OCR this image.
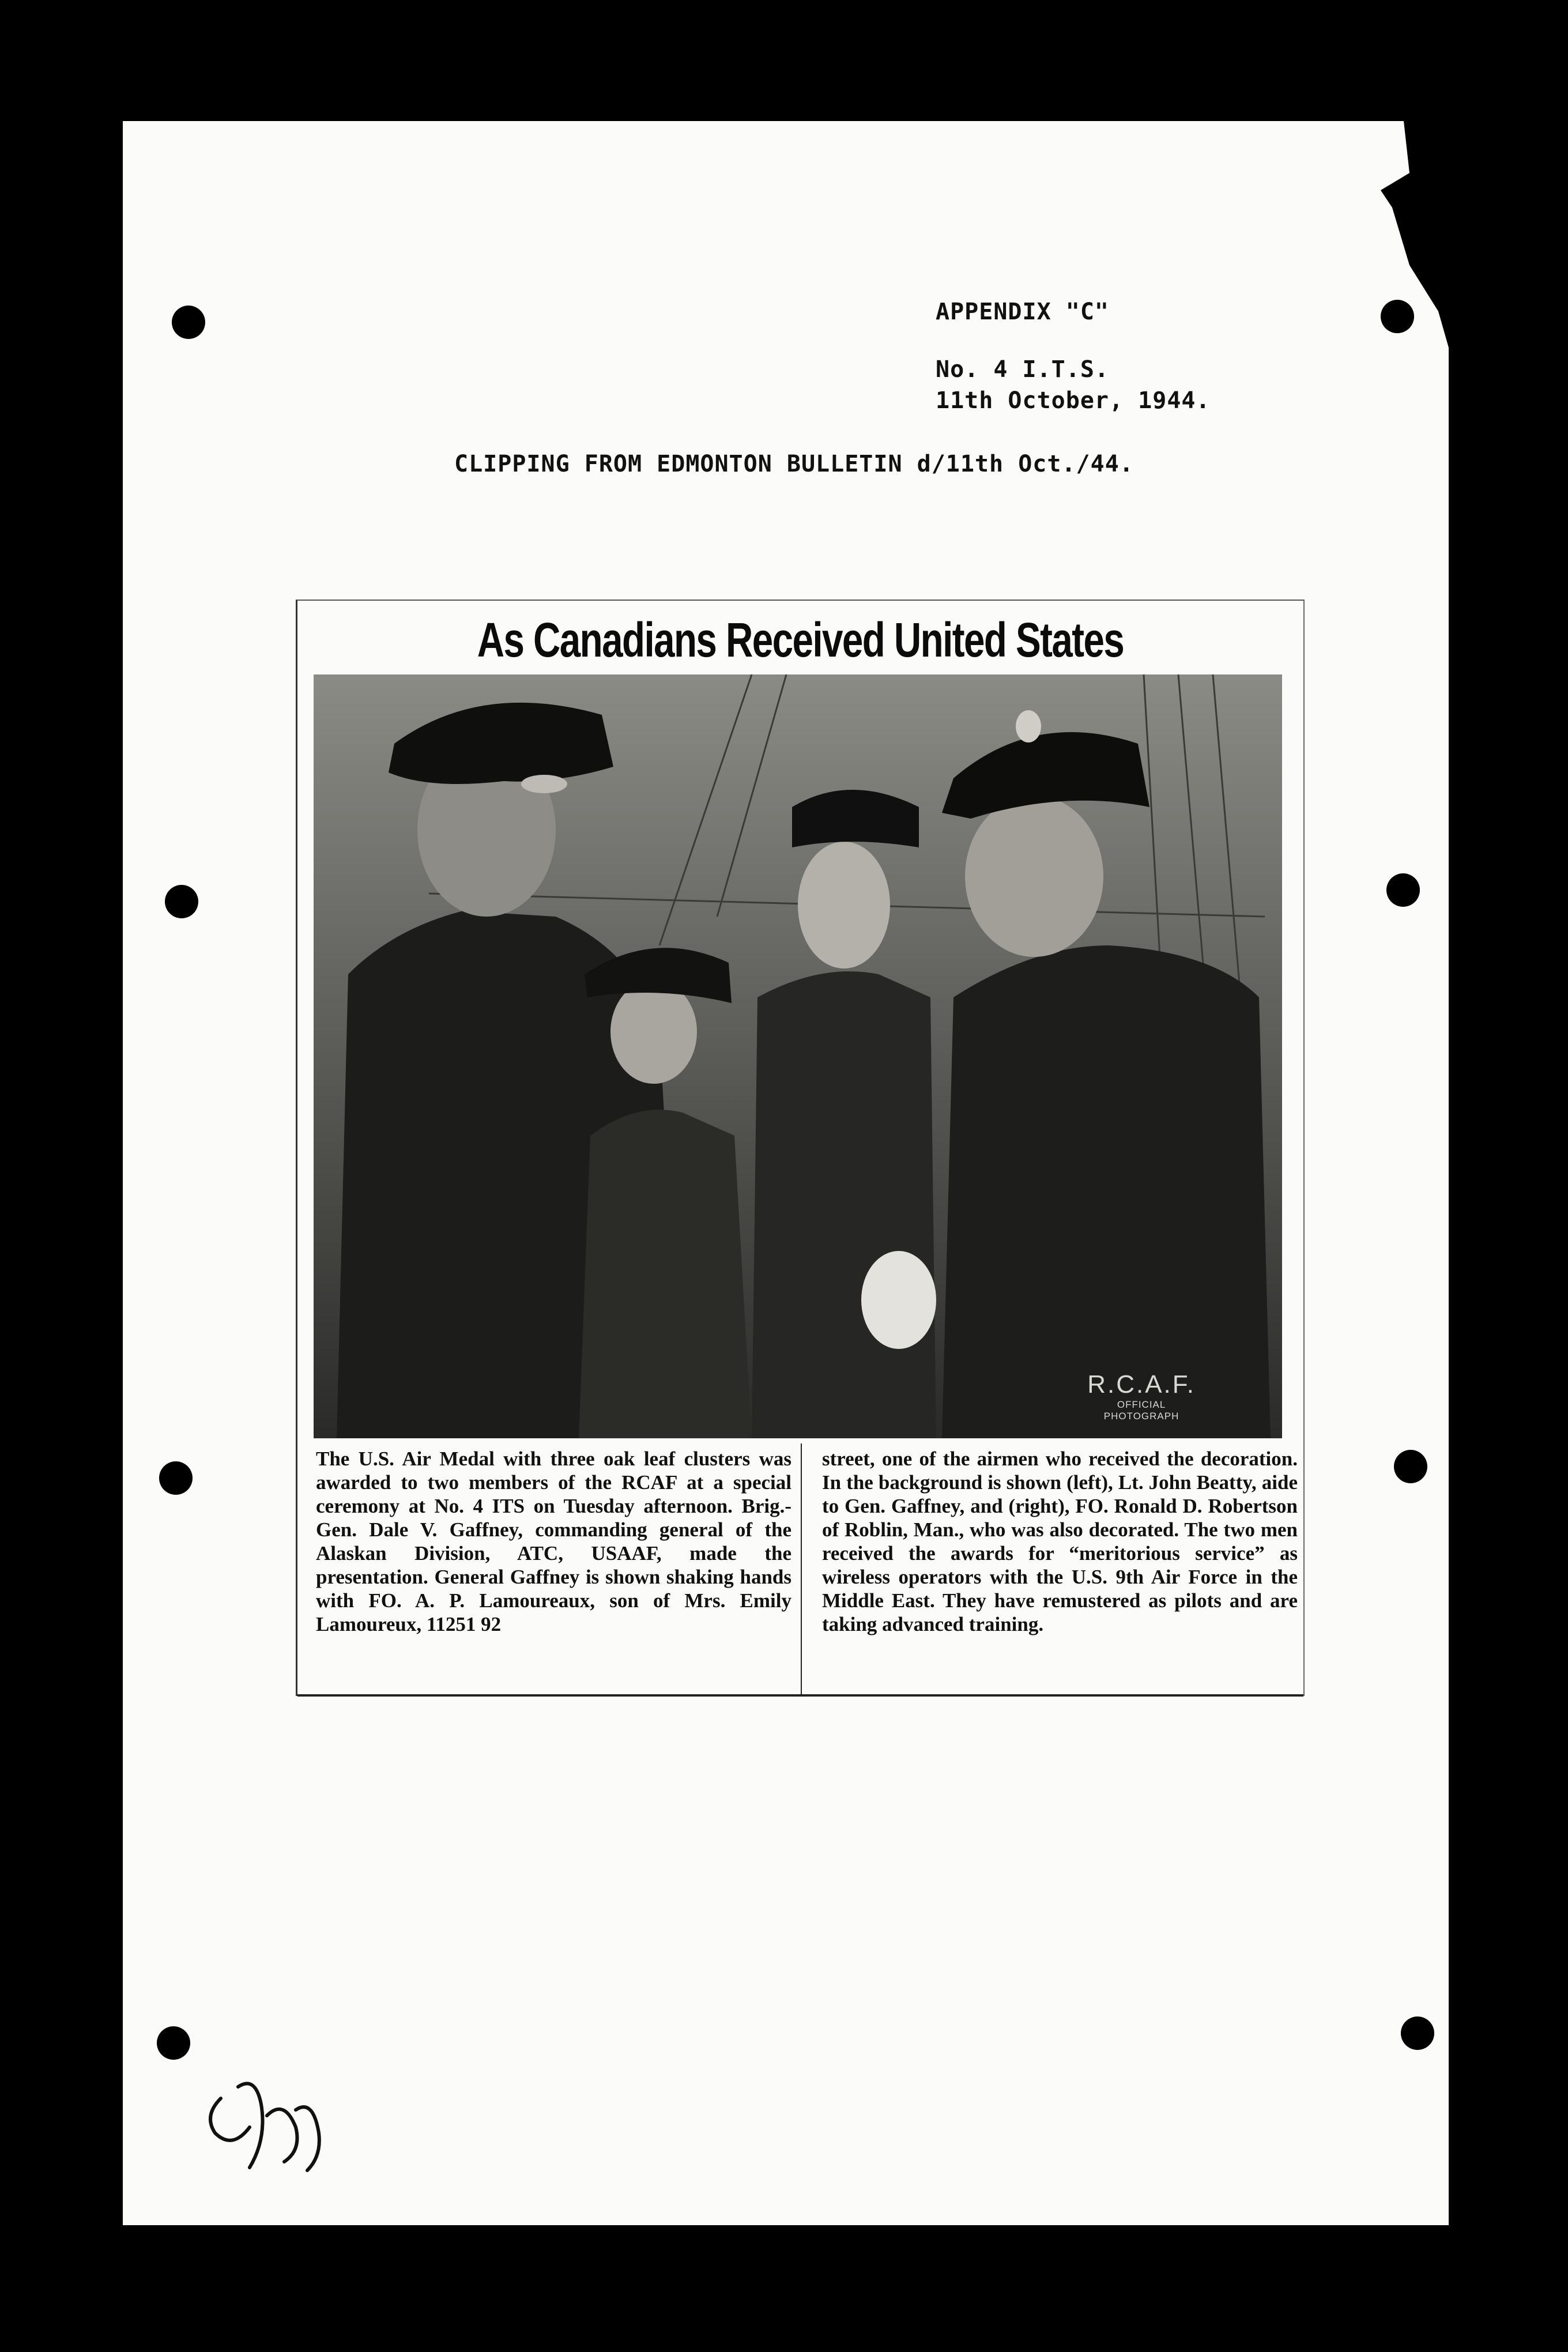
APPENDIX "C"
No. 4 I.T.S.
11th October, 1944.
CLIPPING FROM EDMONTON BULLETIN d/11th Oct./44.
As Canadians Received United States
R.C.A.F.
OFFICIAL
PHOTOGRAPH
The U.S. Air Medal with three oak leaf clusters was awarded to two members of the RCAF at a special ceremony at No. 4 ITS on Tuesday afternoon. Brig.-Gen. Dale V. Gaffney, commanding general of the Alaskan Division, ATC, USAAF, made the presentation. General Gaffney is shown shaking hands with FO. A. P. Lamoureaux, son of Mrs. Emily Lamoureux, 11251 92
street, one of the airmen who received the decoration. In the background is shown (left), Lt. John Beatty, aide to Gen. Gaffney, and (right), FO. Ronald D. Robertson of Roblin, Man., who was also decorated. The two men received the awards for “meritorious service” as wireless operators with the U.S. 9th Air Force in the Middle East. They have remustered as pilots and are taking advanced training.
